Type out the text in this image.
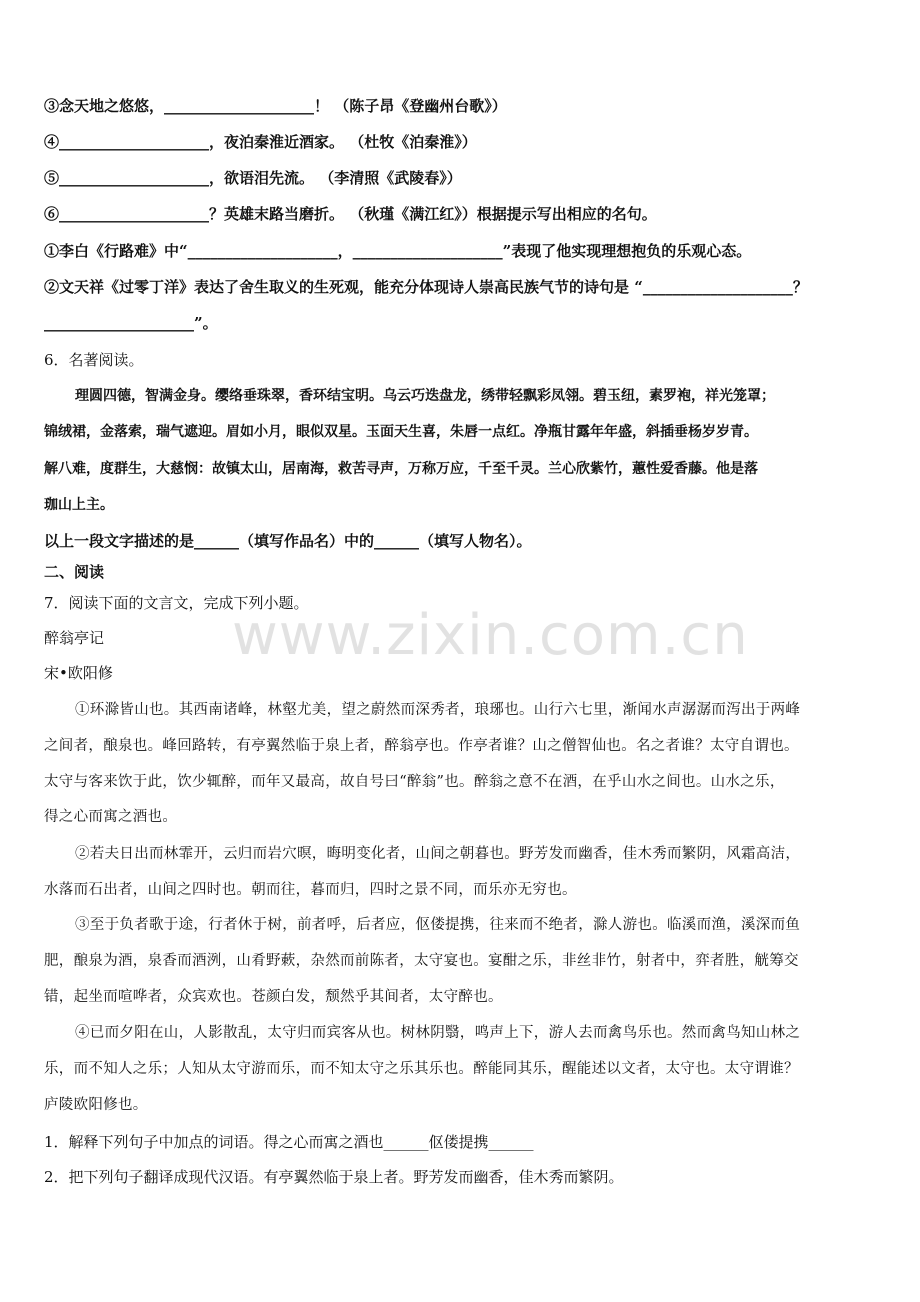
③念天地之悠悠，____________________！ （陈子昂《登幽州台歌》）
④____________________，夜泊秦淮近酒家。 （杜牧《泊秦淮》）
⑤____________________，欲语泪先流。 （李清照《武陵春》）
⑥____________________？英雄末路当磨折。 （秋瑾《满江红》）根据提示写出相应的名句。
①李白《行路难》中“____________________，____________________”表现了他实现理想抱负的乐观心态。
②文天祥《过零丁洋》表达了舍生取义的生死观，能充分体现诗人崇高民族气节的诗句是 “____________________？
____________________”。
6．名著阅读。
理圆四德，智满金身。缨络垂珠翠，香环结宝明。乌云巧迭盘龙，绣带轻飘彩凤翎。碧玉纽，素罗袍，祥光笼罩；
锦绒裙，金落索，瑞气遮迎。眉如小月，眼似双星。玉面天生喜，朱唇一点红。净瓶甘露年年盛，斜插垂杨岁岁青。
解八难，度群生，大慈悯：故镇太山，居南海，救苦寻声，万称万应，千至千灵。兰心欣紫竹，蕙性爱香藤。他是落
珈山上主。
以上一段文字描述的是______（填写作品名）中的______（填写人物名）。
二、阅读
7．阅读下面的文言文，完成下列小题。
醉翁亭记
宋•欧阳修
①环滁皆山也。其西南诸峰，林壑尤美，望之蔚然而深秀者，琅琊也。山行六七里，渐闻水声潺潺而泻出于两峰
之间者，酿泉也。峰回路转，有亭翼然临于泉上者，醉翁亭也。作亭者谁？山之僧智仙也。名之者谁？太守自谓也。
太守与客来饮于此，饮少辄醉，而年又最高，故自号曰“醉翁”也。醉翁之意不在酒，在乎山水之间也。山水之乐，
得之心而寓之酒也。
②若夫日出而林霏开，云归而岩穴暝，晦明变化者，山间之朝暮也。野芳发而幽香，佳木秀而繁阴，风霜高洁，
水落而石出者，山间之四时也。朝而往，暮而归，四时之景不同，而乐亦无穷也。
③至于负者歌于途，行者休于树，前者呼，后者应，伛偻提携，往来而不绝者，滁人游也。临溪而渔，溪深而鱼
肥，酿泉为酒，泉香而酒洌，山肴野蔌，杂然而前陈者，太守宴也。宴酣之乐，非丝非竹，射者中，弈者胜，觥筹交
错，起坐而喧哗者，众宾欢也。苍颜白发，颓然乎其间者，太守醉也。
④已而夕阳在山，人影散乱，太守归而宾客从也。树林阴翳，鸣声上下，游人去而禽鸟乐也。然而禽鸟知山林之
乐，而不知人之乐；人知从太守游而乐，而不知太守之乐其乐也。醉能同其乐，醒能述以文者，太守也。太守谓谁？
庐陵欧阳修也。
1．解释下列句子中加点的词语。得之心而寓之酒也______伛偻提携______
2．把下列句子翻译成现代汉语。有亭翼然临于泉上者。野芳发而幽香，佳木秀而繁阴。
www.zixin.com.cn
